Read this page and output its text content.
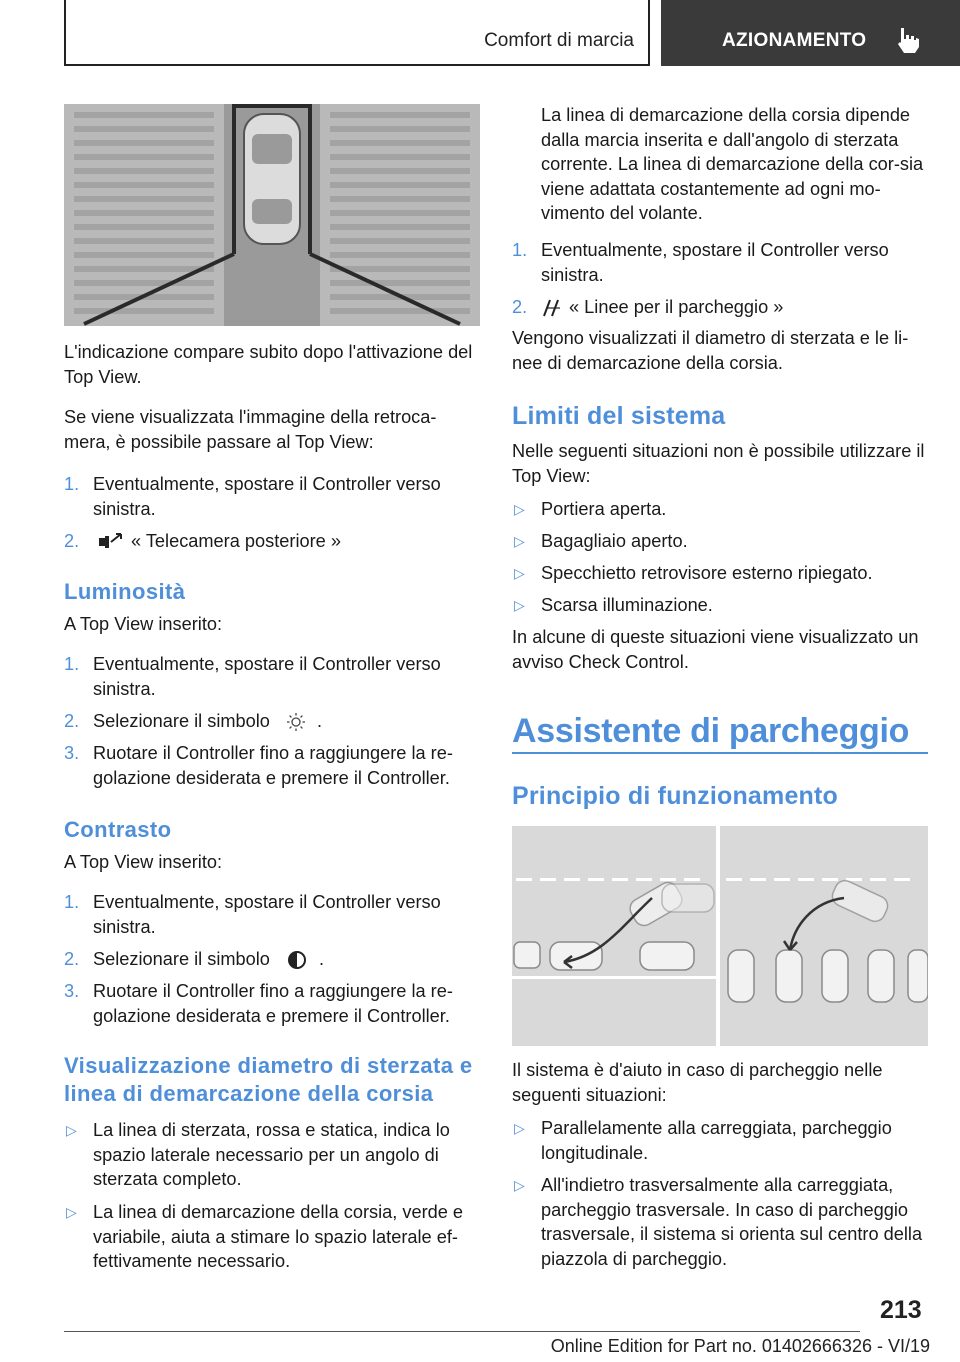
Comfort di marcia	AZIONAMENTO

L'indicazione compare subito dopo l'attivazione del Top View.

Se viene visualizzata l'immagine della retroca‐mera, è possibile passare al Top View:

1. Eventualmente, spostare il Controller verso sinistra.
2.	« Telecamera posteriore »
Luminosità

A Top View inserito:

1. Eventualmente, spostare il Controller verso sinistra.
2. Selezionare il simbolo	.
3. Ruotare il Controller fino a raggiungere la re‐golazione desiderata e premere il Controller.
Contrasto

A Top View inserito:

1. Eventualmente, spostare il Controller verso sinistra.
2. Selezionare il simbolo	.
3. Ruotare il Controller fino a raggiungere la re‐golazione desiderata e premere il Controller.
Visualizzazione diametro di sterzata e linea di demarcazione della corsia
▷ La linea di sterzata, rossa e statica, indica lo spazio laterale necessario per un angolo di sterzata completo.
▷ La linea di demarcazione della corsia, verde e variabile, aiuta a stimare lo spazio laterale ef‐fettivamente necessario.

La linea di demarcazione della corsia dipende dalla marcia inserita e dall'angolo di sterzata corrente. La linea di demarcazione della cor‐sia viene adattata costantemente ad ogni mo‐vimento del volante.

1. Eventualmente, spostare il Controller verso sinistra.
2.	« Linee per il parcheggio »

Vengono visualizzati il diametro di sterzata e le li‐nee di demarcazione della corsia.

Limiti del sistema

Nelle seguenti situazioni non è possibile utilizzare il Top View:

▷ Portiera aperta.
▷ Bagagliaio aperto.
▷ Specchietto retrovisore esterno ripiegato.
▷ Scarsa illuminazione.

In alcune di queste situazioni viene visualizzato un avviso Check Control.

Assistente di parcheggio
Principio di funzionamento

Il sistema è d'aiuto in caso di parcheggio nelle seguenti situazioni:

▷ Parallelamente alla carreggiata, parcheggio longitudinale.
▷ All'indietro trasversalmente alla carreggiata, parcheggio trasversale. In caso di parcheggio trasversale, il sistema si orienta sul centro della piazzola di parcheggio.
213
Online Edition for Part no. 01402666326 - VI/19
